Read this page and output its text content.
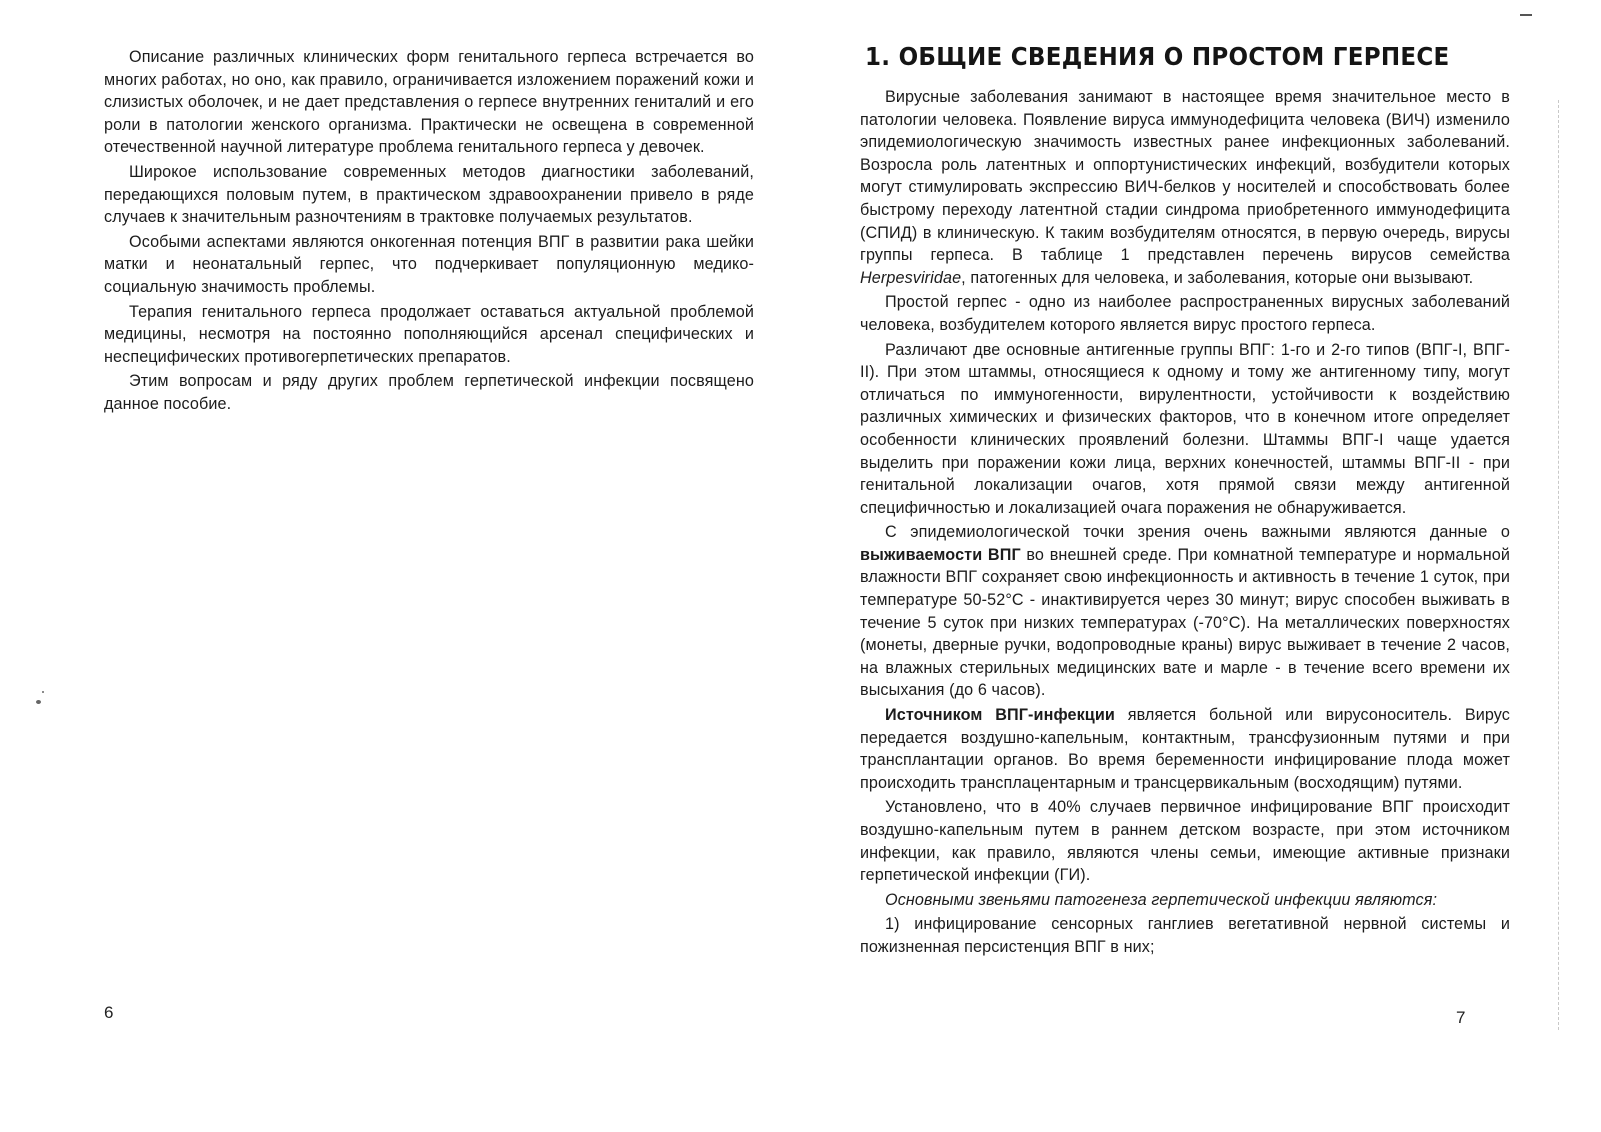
Описание различных клинических форм генитального герпеса встречается во многих работах, но оно, как правило, ограничивается изложением поражений кожи и слизистых оболочек, и не дает представления о герпесе внутренних гениталий и его роли в патологии женского организма. Практически не освещена в современной отечественной научной литературе проблема генитального герпеса у девочек.

Широкое использование современных методов диагностики заболеваний, передающихся половым путем, в практическом здравоохранении привело в ряде случаев к значительным разночтениям в трактовке получаемых результатов.

Особыми аспектами являются онкогенная потенция ВПГ в развитии рака шейки матки и неонатальный герпес, что подчеркивает популяционную медико-социальную значимость проблемы.

Терапия генитального герпеса продолжает оставаться актуальной проблемой медицины, несмотря на постоянно пополняющийся арсенал специфических и неспецифических противогерпетических препаратов.

Этим вопросам и ряду других проблем герпетической инфекции посвящено данное пособие.

6
1. ОБЩИЕ СВЕДЕНИЯ О ПРОСТОМ ГЕРПЕСЕ

Вирусные заболевания занимают в настоящее время значительное место в патологии человека. Появление вируса иммунодефицита человека (ВИЧ) изменило эпидемиологическую значимость известных ранее инфекционных заболеваний. Возросла роль латентных и оппортунистических инфекций, возбудители которых могут стимулировать экспрессию ВИЧ-белков у носителей и способствовать более быстрому переходу латентной стадии синдрома приобретенного иммунодефицита (СПИД) в клиническую. К таким возбудителям относятся, в первую очередь, вирусы группы герпеса. В таблице 1 представлен перечень вирусов семейства Herpesviridae, патогенных для человека, и заболевания, которые они вызывают.

Простой герпес - одно из наиболее распространенных вирусных заболеваний человека, возбудителем которого является вирус простого герпеса.

Различают две основные антигенные группы ВПГ: 1-го и 2-го типов (ВПГ-I, ВПГ-II). При этом штаммы, относящиеся к одному и тому же антигенному типу, могут отличаться по иммуногенности, вирулентности, устойчивости к воздействию различных химических и физических факторов, что в конечном итоге определяет особенности клинических проявлений болезни. Штаммы ВПГ-I чаще удается выделить при поражении кожи лица, верхних конечностей, штаммы ВПГ-II - при генитальной локализации очагов, хотя прямой связи между антигенной специфичностью и локализацией очага поражения не обнаруживается.

С эпидемиологической точки зрения очень важными являются данные о выживаемости ВПГ во внешней среде. При комнатной температуре и нормальной влажности ВПГ сохраняет свою инфекционность и активность в течение 1 суток, при температуре 50-52°С - инактивируется через 30 минут; вирус способен выживать в течение 5 суток при низких температурах (-70°С). На металлических поверхностях (монеты, дверные ручки, водопроводные краны) вирус выживает в течение 2 часов, на влажных стерильных медицинских вате и марле - в течение всего времени их высыхания (до 6 часов).

Источником ВПГ-инфекции является больной или вирусоноситель. Вирус передается воздушно-капельным, контактным, трансфузионным путями и при трансплантации органов. Во время беременности инфицирование плода может происходить трансплацентарным и трансцервикальным (восходящим) путями.

Установлено, что в 40% случаев первичное инфицирование ВПГ происходит воздушно-капельным путем в раннем детском возрасте, при этом источником инфекции, как правило, являются члены семьи, имеющие активные признаки герпетической инфекции (ГИ).

Основными звеньями патогенеза герпетической инфекции являются:

1) инфицирование сенсорных ганглиев вегетативной нервной системы и пожизненная персистенция ВПГ в них;

7
